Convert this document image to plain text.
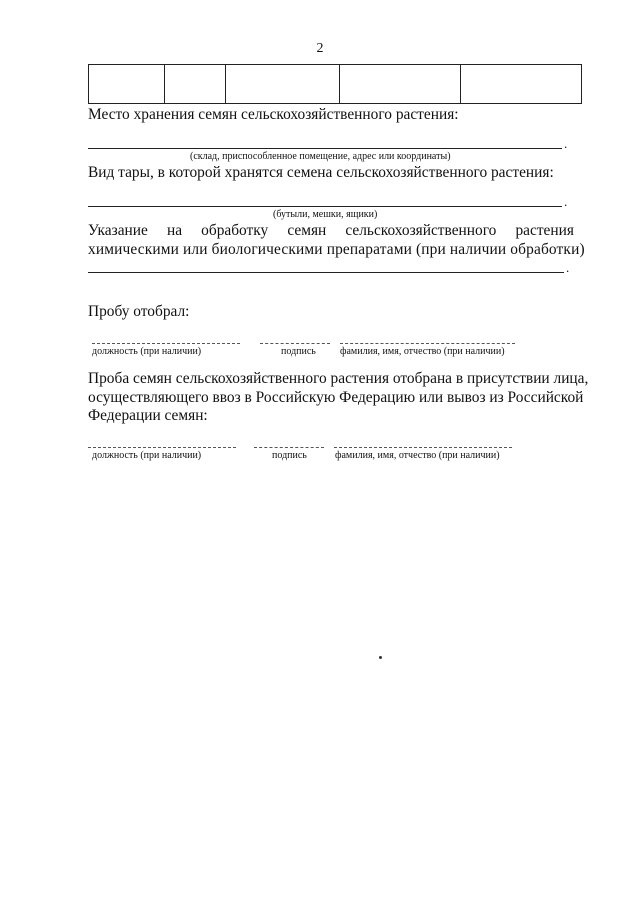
2

Место хранения семян сельскохозяйственного растения:
.
(склад, приспособленное помещение, адрес или координаты)
Вид тары, в которой хранятся семена сельскохозяйственного растения:
.
(бутыли, мешки, ящики)
Указание на обработку семян сельскохозяйственного растения
химическими или биологическими препаратами (при наличии обработки)
.
Пробу отобрал:
должность (при наличии)	подпись фамилия, имя, отчество (при наличии)
Проба семян сельскохозяйственного растения отобрана в присутствии лица,
осуществляющего ввоз в Российскую Федерацию или вывоз из Российской
Федерации семян:
должность (при наличии)	подпись	фамилия, имя, отчество (при наличии)
